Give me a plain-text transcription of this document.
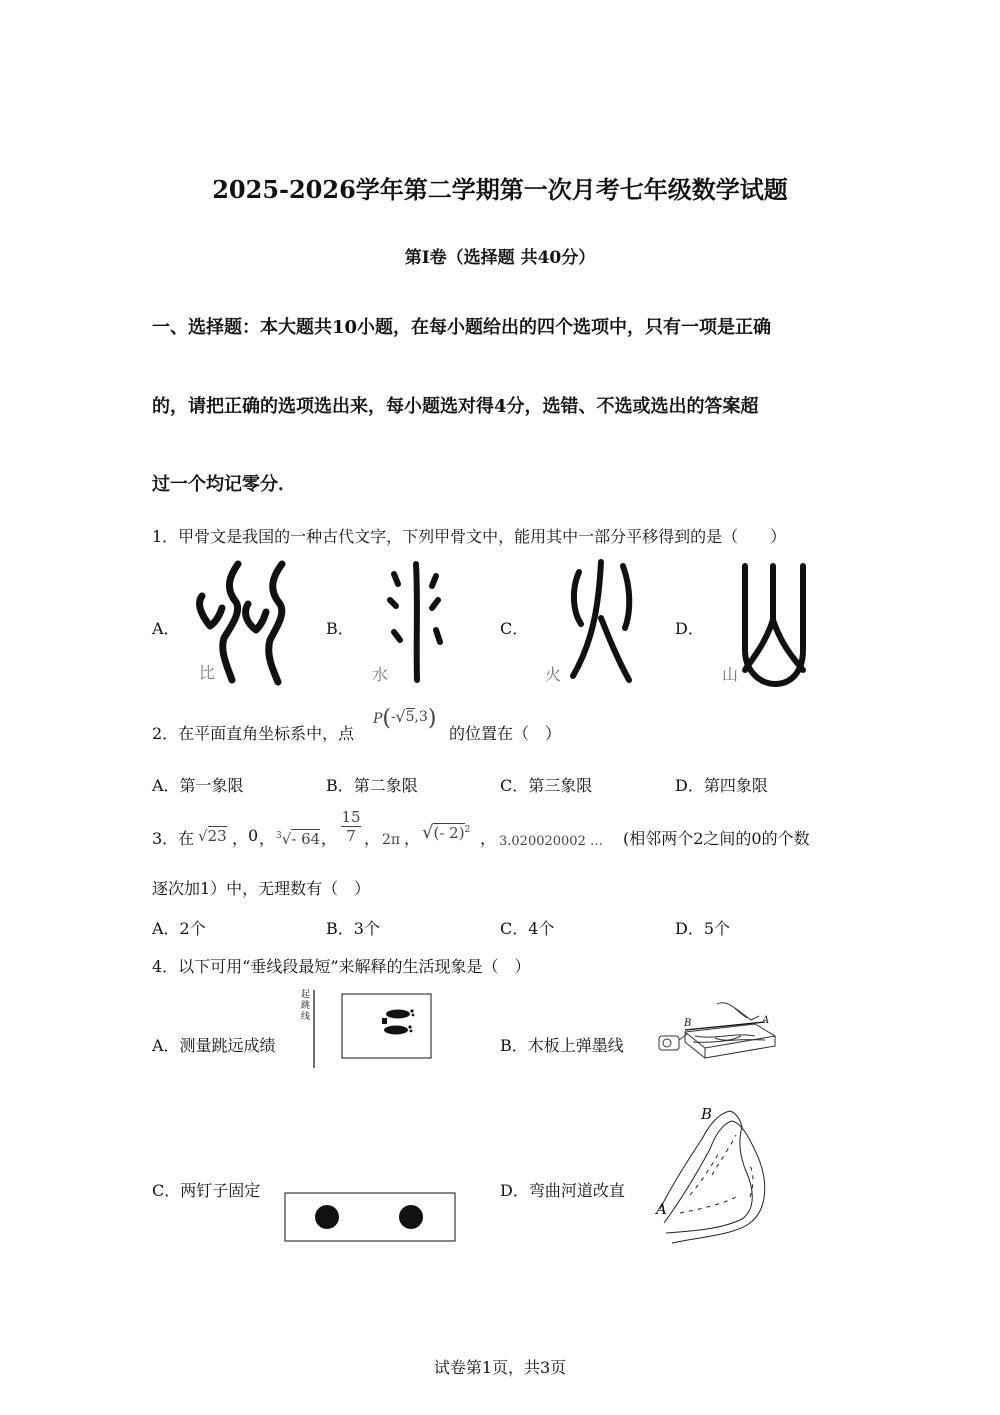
2025-2026学年第二学期第一次月考七年级数学试题
第Ⅰ卷（选择题 共40分）
一、选择题：本大题共10小题，在每小题给出的四个选项中，只有一项是正确
的，请把正确的选项选出来，每小题选对得4分，选错、不选或选出的答案超
过一个均记零分．
1．甲骨文是我国的一种古代文字，下列甲骨文中，能用其中一部分平移得到的是（　　）
A．	B．	C．	D．
比	水	火	山
2．在平面直角坐标系中，点
P(-√5,3)
的位置在（　）
A．第一象限	B．第二象限	C．第三象限	D．第四象限
3．在 √23 ， 0 ， $^3$√- 64 ， $\frac{15}{7}$ ， 2π ， √(- 2)$^2$ ， 3.020020002 … (相邻两个2之间的0的个数
逐次加1）中，无理数有（　）
A．2个	B．3个	C．4个	D．5个
4．以下可用“垂线段最短”来解释的生活现象是（　）
A．测量跳远成绩	B．木板上弹墨线
C．两钉子固定	D．弯曲河道改直
起跳线
B	A
B
A
试卷第1页，共3页
